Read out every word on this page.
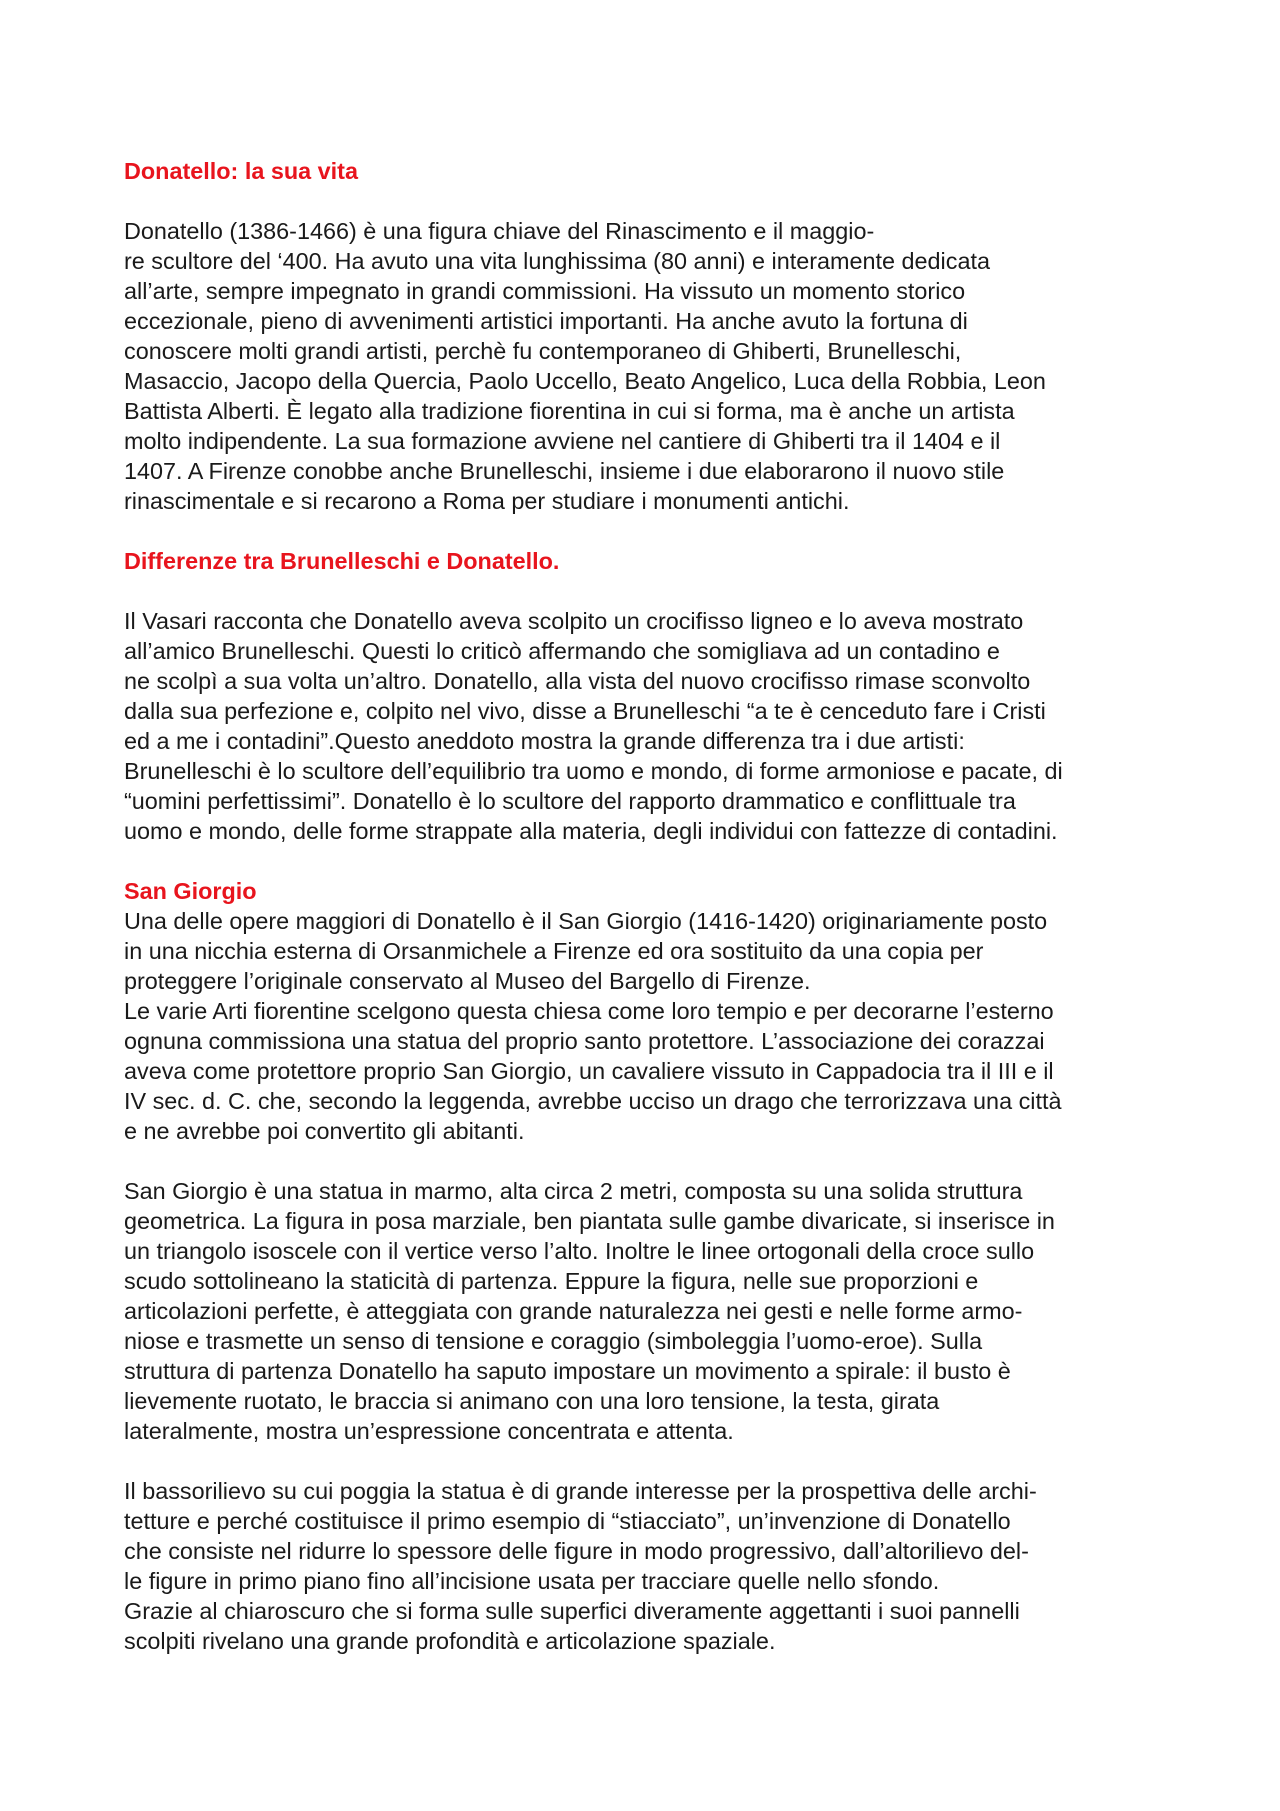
Donatello: la sua vita
Donatello (1386-1466) è una figura chiave del Rinascimento e il maggio-
re scultore del ‘400. Ha avuto una vita lunghissima (80 anni) e interamente dedicata
all’arte, sempre impegnato in grandi commissioni. Ha vissuto un momento storico
eccezionale, pieno di avvenimenti artistici importanti. Ha anche avuto la fortuna di
conoscere molti grandi artisti, perchè fu contemporaneo di Ghiberti, Brunelleschi,
Masaccio, Jacopo della Quercia, Paolo Uccello, Beato Angelico, Luca della Robbia, Leon
Battista Alberti. È legato alla tradizione fiorentina in cui si forma, ma è anche un artista
molto indipendente. La sua formazione avviene nel cantiere di Ghiberti tra il 1404 e il
1407. A Firenze conobbe anche Brunelleschi, insieme i due elaborarono il nuovo stile
rinascimentale e si recarono a Roma per studiare i monumenti antichi.
Differenze tra Brunelleschi e Donatello.
Il Vasari racconta che Donatello aveva scolpito un crocifisso ligneo e lo aveva mostrato
all’amico Brunelleschi. Questi lo criticò affermando che somigliava ad un contadino e
ne scolpì a sua volta un’altro. Donatello, alla vista del nuovo crocifisso rimase sconvolto
dalla sua perfezione e, colpito nel vivo, disse a Brunelleschi “a te è cenceduto fare i Cristi
ed a me i contadini”.Questo aneddoto mostra la grande differenza tra i due artisti:
Brunelleschi è lo scultore dell’equilibrio tra uomo e mondo, di forme armoniose e pacate, di
“uomini perfettissimi”. Donatello è lo scultore del rapporto drammatico e conflittuale tra
uomo e mondo, delle forme strappate alla materia, degli individui con fattezze di contadini.
San Giorgio
Una delle opere maggiori di Donatello è il San Giorgio (1416-1420) originariamente posto
in una nicchia esterna di Orsanmichele a Firenze ed ora sostituito da una copia per
proteggere l’originale conservato al Museo del Bargello di Firenze.
Le varie Arti fiorentine scelgono questa chiesa come loro tempio e per decorarne l’esterno
ognuna commissiona una statua del proprio santo protettore. L’associazione dei corazzai
aveva come protettore proprio San Giorgio, un cavaliere vissuto in Cappadocia tra il III e il
IV sec. d. C. che, secondo la leggenda, avrebbe ucciso un drago che terrorizzava una città
e ne avrebbe poi convertito gli abitanti.
San Giorgio è una statua in marmo, alta circa 2 metri, composta su una solida struttura
geometrica. La figura in posa marziale, ben piantata sulle gambe divaricate, si inserisce in
un triangolo isoscele con il vertice verso l’alto. Inoltre le linee ortogonali della croce sullo
scudo sottolineano la staticità di partenza. Eppure la figura, nelle sue proporzioni e
articolazioni perfette, è atteggiata con grande naturalezza nei gesti e nelle forme armo-
niose e trasmette un senso di tensione e coraggio (simboleggia l’uomo-eroe). Sulla
struttura di partenza Donatello ha saputo impostare un movimento a spirale: il busto è
lievemente ruotato, le braccia si animano con una loro tensione, la testa, girata
lateralmente, mostra un’espressione concentrata e attenta.
Il bassorilievo su cui poggia la statua è di grande interesse per la prospettiva delle archi-
tetture e perché costituisce il primo esempio di “stiacciato”, un’invenzione di Donatello
che consiste nel ridurre lo spessore delle figure in modo progressivo, dall’altorilievo del-
le figure in primo piano fino all’incisione usata per tracciare quelle nello sfondo.
Grazie al chiaroscuro che si forma sulle superfici diveramente aggettanti i suoi pannelli
scolpiti rivelano una grande profondità e articolazione spaziale.
